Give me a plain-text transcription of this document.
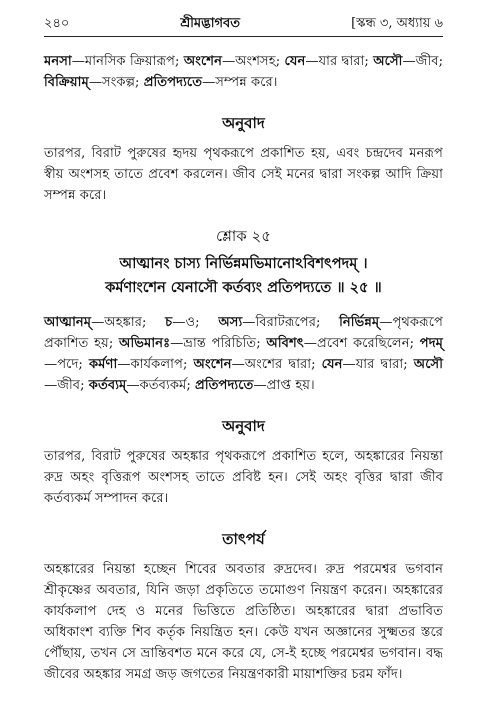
২৪০	শ্রীমদ্ভাগবত	[স্কন্ধ ৩, অধ্যায় ৬

মনসা—মানসিক ক্রিয়ারূপ; অংশেন—অংশসহ; যেন—যার দ্বারা; অসৌ—জীব; বিক্রিয়াম্—সংকল্প; প্রতিপদ্যতে—সম্পন্ন করে।

অনুবাদ

তারপর, বিরাট পুরুষের হৃদয় পৃথকরূপে প্রকাশিত হয়, এবং চন্দ্রদেব মনরূপ স্বীয় অংশসহ তাতে প্রবেশ করলেন। জীব সেই মনের দ্বারা সংকল্প আদি ক্রিয়া সম্পন্ন করে।

শ্লোক ২৫

আত্মানং চাস্য নির্ভিন্নমভিমানোঽবিশৎপদম্ ।

কর্মণাংশেন যেনাসৌ কর্তব্যং প্রতিপদ্যতে ॥ ২৫ ॥

আত্মানম্—অহঙ্কার; চ—ও; অস্য—বিরাটরূপের; নির্ভিন্নম্—পৃথকরূপে প্রকাশিত হয়; অভিমানঃ—ভ্রান্ত পরিচিতি; অবিশৎ—প্রবেশ করেছিলেন; পদম্—পদে; কর্মণা—কার্যকলাপ; অংশেন—অংশের দ্বারা; যেন—যার দ্বারা; অসৌ—জীব; কর্তব্যম্—কর্তব্যকর্ম; প্রতিপদ্যতে—প্রাপ্ত হয়।

অনুবাদ

তারপর, বিরাট পুরুষের অহঙ্কার পৃথকরূপে প্রকাশিত হলে, অহঙ্কারের নিয়ন্তা রুদ্র অহং বৃত্তিরূপ অংশসহ তাতে প্রবিষ্ট হন। সেই অহং বৃত্তির দ্বারা জীব কর্তব্যকর্ম সম্পাদন করে।

তাৎপর্য

অহঙ্কারের নিয়ন্তা হচ্ছেন শিবের অবতার রুদ্রদেব। রুদ্র পরমেশ্বর ভগবান শ্রীকৃষ্ণের অবতার, যিনি জড়া প্রকৃতিতে তমোগুণ নিয়ন্ত্রণ করেন। অহঙ্কারের কার্যকলাপ দেহ ও মনের ভিত্তিতে প্রতিষ্ঠিত। অহঙ্কারের দ্বারা প্রভাবিত অধিকাংশ ব্যক্তি শিব কর্তৃক নিয়ন্ত্রিত হন। কেউ যখন অজ্ঞানের সুক্ষ্মতর স্তরে পৌঁছায়, তখন সে ভ্রান্তিবশত মনে করে যে, সে-ই হচ্ছে পরমেশ্বর ভগবান। বদ্ধ জীবের অহঙ্কার সমগ্র জড় জগতের নিয়ন্ত্রণকারী মায়াশক্তির চরম ফাঁদ।
